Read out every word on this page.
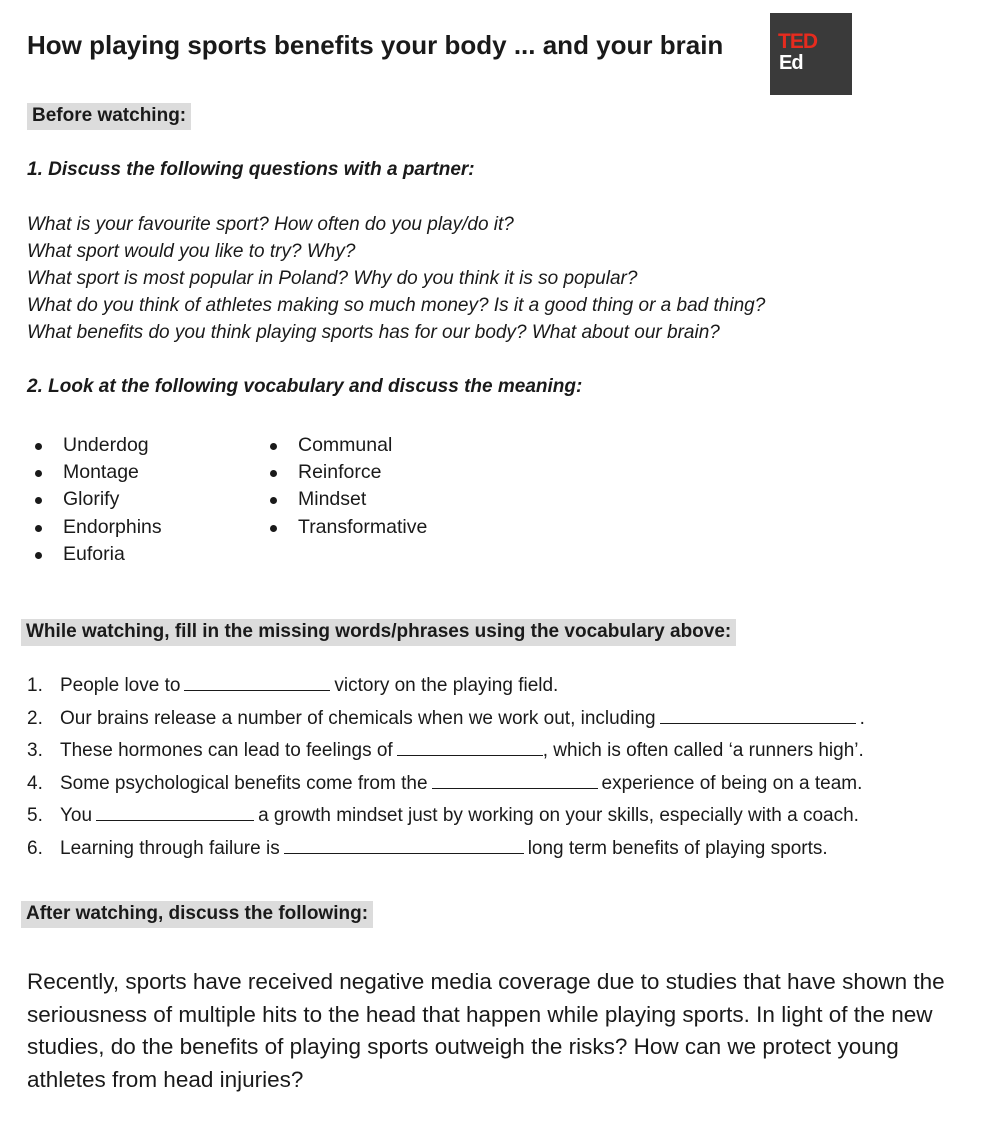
How playing sports benefits your body ... and your brain	TED
Ed
Before watching:
1. Discuss the following questions with a partner:
What is your favourite sport? How often do you play/do it?
What sport would you like to try? Why?
What sport is most popular in Poland? Why do you think it is so popular?
What do you think of athletes making so much money? Is it a good thing or a bad thing?
What benefits do you think playing sports has for our body? What about our brain?
2. Look at the following vocabulary and discuss the meaning:
Underdog
Montage
Glorify
Endorphins
Euforia
Communal
Reinforce
Mindset
Transformative
While watching, fill in the missing words/phrases using the vocabulary above:
1. People love to	victory on the playing field.
2. Our brains release a number of chemicals when we work out, including	.
3. These hormones can lead to feelings of	, which is often called ‘a runners high’.
4. Some psychological benefits come from the	experience of being on a team.
5. You	a growth mindset just by working on your skills, especially with a coach.
6. Learning through failure is	long term benefits of playing sports.
After watching, discuss the following:
Recently, sports have received negative media coverage due to studies that have shown the seriousness of multiple hits to the head that happen while playing sports. In light of the new studies, do the benefits of playing sports outweigh the risks? How can we protect young athletes from head injuries?
